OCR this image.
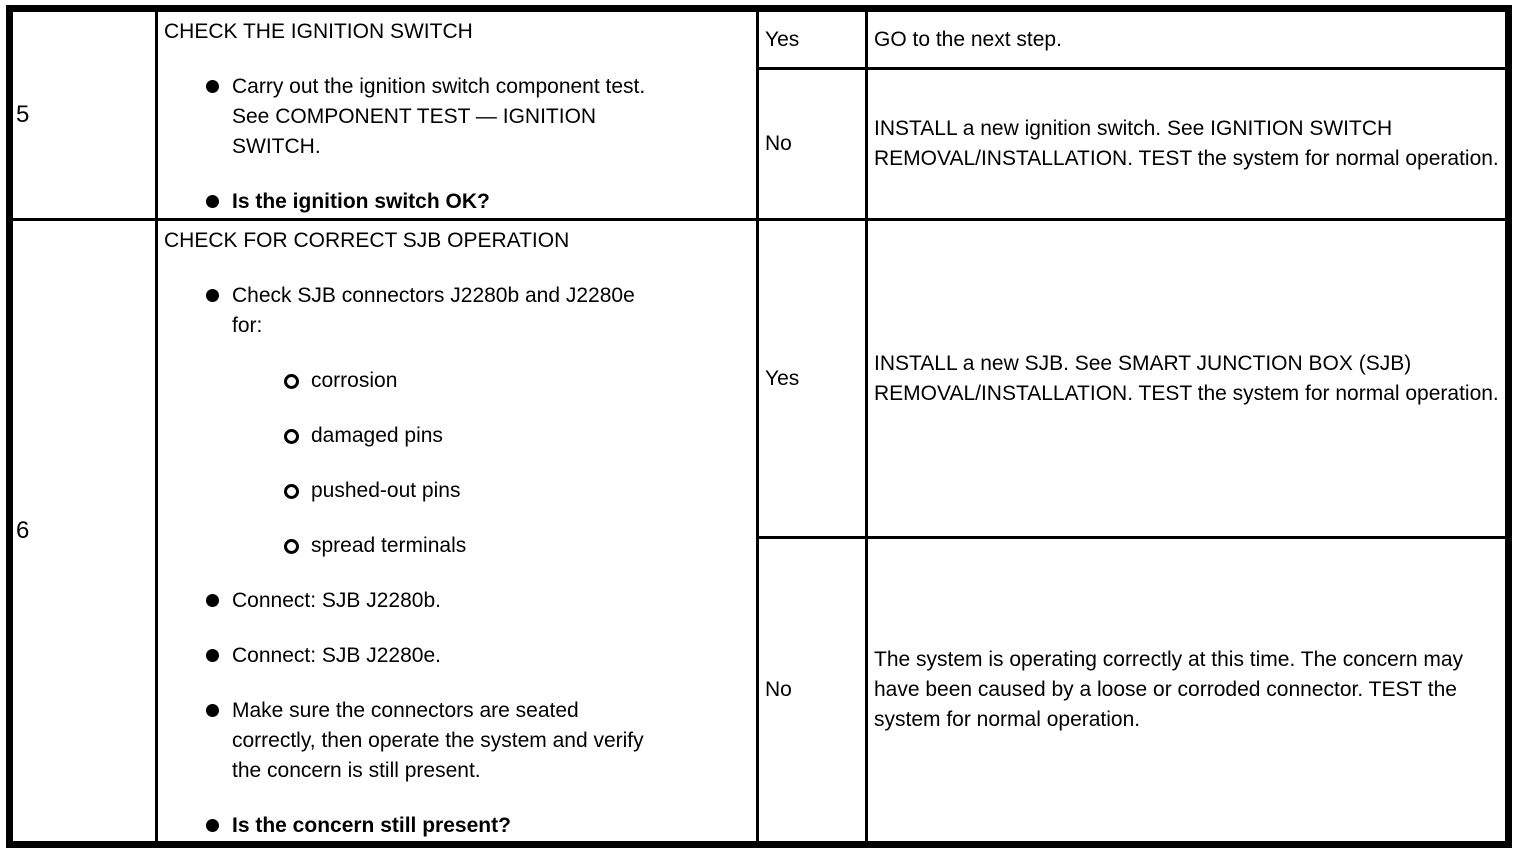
5
CHECK THE IGNITION SWITCH
Carry out the ignition switch component test. See COMPONENT TEST — IGNITION SWITCH.
Is the ignition switch OK?
Yes	GO to the next step.
No
INSTALL a new ignition switch. See IGNITION SWITCH REMOVAL/INSTALLATION. TEST the system for normal operation.
6
CHECK FOR CORRECT SJB OPERATION
Check SJB connectors J2280b and J2280e for:
corrosion
damaged pins
pushed-out pins
spread terminals
Connect: SJB J2280b.
Connect: SJB J2280e.
Make sure the connectors are seated correctly, then operate the system and verify the concern is still present.
Is the concern still present?
Yes
INSTALL a new SJB. See SMART JUNCTION BOX (SJB) REMOVAL/INSTALLATION. TEST the system for normal operation.
No
The system is operating correctly at this time. The concern may have been caused by a loose or corroded connector. TEST the system for normal operation.
